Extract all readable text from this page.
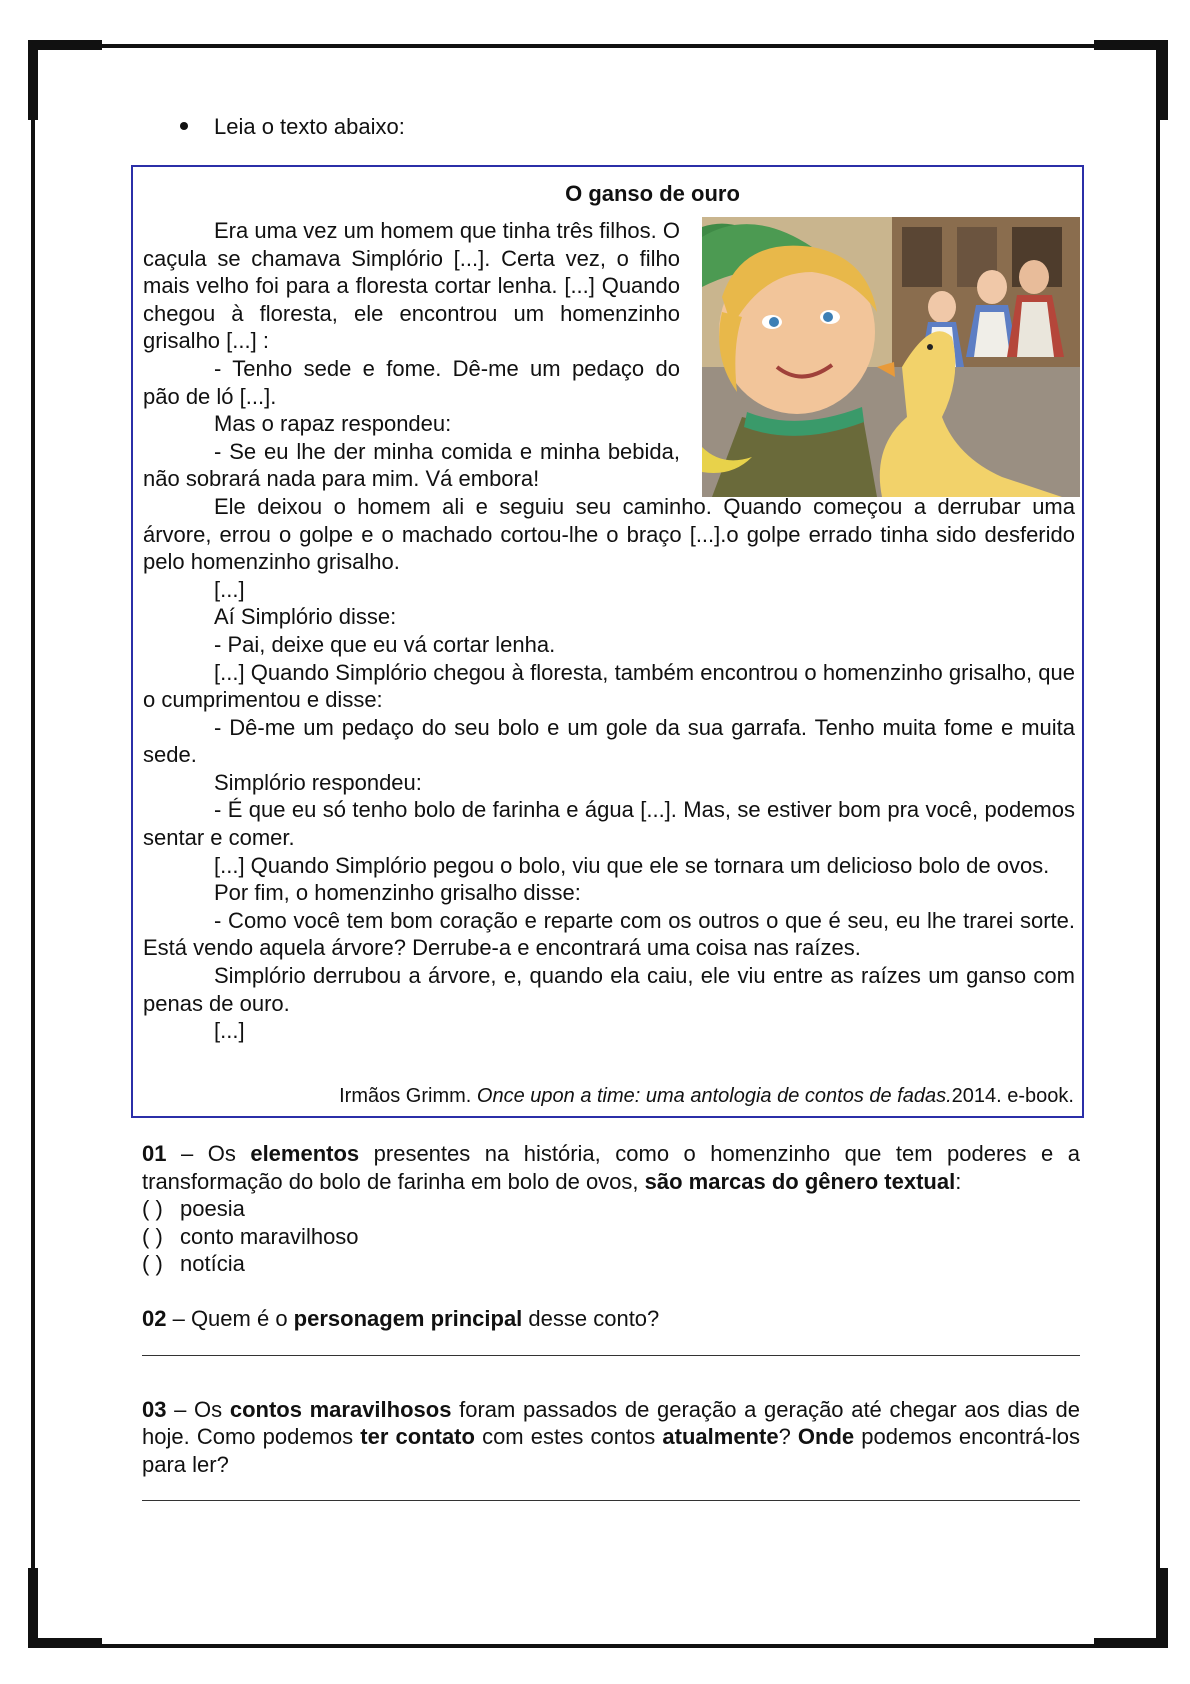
Leia o texto abaixo:
O ganso de ouro

Era uma vez um homem que tinha três filhos. O caçula se chamava Simplório [...]. Certa vez, o filho mais velho foi para a floresta cortar lenha. [...] Quando chegou à floresta, ele encontrou um homenzinho grisalho [...] :

- Tenho sede e fome. Dê-me um pedaço do pão de ló [...].

Mas o rapaz respondeu:

- Se eu lhe der minha comida e minha bebida, não sobrará nada para mim. Vá embora!

Ele deixou o homem ali e seguiu seu caminho. Quando começou a derrubar uma árvore, errou o golpe e o machado cortou-lhe o braço [...].o golpe errado tinha sido desferido pelo homenzinho grisalho.

[...]

Aí Simplório disse:

- Pai, deixe que eu vá cortar lenha.

[...] Quando Simplório chegou à floresta, também encontrou o homenzinho grisalho, que o cumprimentou e disse:

- Dê-me um pedaço do seu bolo e um gole da sua garrafa. Tenho muita fome e muita sede.

Simplório respondeu:

- É que eu só tenho bolo de farinha e água [...]. Mas, se estiver bom pra você, podemos sentar e comer.

[...] Quando Simplório pegou o bolo, viu que ele se tornara um delicioso bolo de ovos.

Por fim, o homenzinho grisalho disse:

- Como você tem bom coração e reparte com os outros o que é seu, eu lhe trarei sorte. Está vendo aquela árvore? Derrube-a e encontrará uma coisa nas raízes.

Simplório derrubou a árvore, e, quando ela caiu, ele viu entre as raízes um ganso com penas de ouro.

[...]

Irmãos Grimm. Once upon a time: uma antologia de contos de fadas.2014. e-book.

01 – Os elementos presentes na história, como o homenzinho que tem poderes e a transformação do bolo de farinha em bolo de ovos, são marcas do gênero textual:

( ) poesia

( ) conto maravilhoso

( ) notícia

02 – Quem é o personagem principal desse conto?

03 – Os contos maravilhosos foram passados de geração a geração até chegar aos dias de hoje. Como podemos ter contato com estes contos atualmente? Onde podemos encontrá-los para ler?
